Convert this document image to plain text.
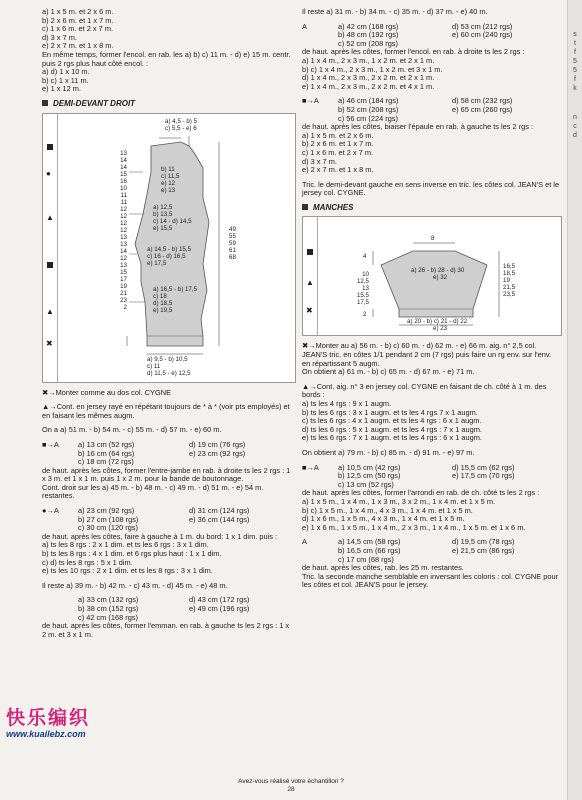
a) 1 x 5 m. et 2 x 6 m.
b) 2 x 6 m. et 1 x 7 m.
c) 1 x 6 m. et 2 x 7 m.
d) 3 x 7 m.
e) 2 x 7 m. et 1 x 8 m.
En même temps, former l'encol. en rab. les a) b) c) 11 m. - d) e) 15 m. centr. puis 2 rgs plus haut côté encol. :
a) d) 1 x 10 m.
b) c) 1 x 11 m.
e) 1 x 12 m.
DEMI-DEVANT DROIT
●
▲
▲
✖
a) 4,5 - b) 5
c) 5,5 - e) 6
13
14
14
15
16
10
11
11
12
12
12
12
13
13
14
12
13
15
17
19
21
23
2
b) 11
c) 11,5
e) 12
e) 13
a) 12,5
b) 13,5
c) 14 - d) 14,5
e) 15,5
a) 14,5 - b) 15,5
c) 16 - d) 16,5
e) 17,5
a) 16,5 - b) 17,5
c) 18
d) 18,5
e) 19,5
49
55
59
61
68
a) 9,5 - b) 10,5
c) 11
d) 11,5 - e) 12,5
✖→Monter comme au dos col. CYGNE
▲→Cont. en jersey rayé en répétant toujours de * à * (voir pts employés) et en faisant les mêmes augm.
On a a) 51 m. - b) 54 m. - c) 55 m. - d) 57 m. - e) 60 m.
■→A	a) 13 cm (52 rgs)	d) 19 cm (76 rgs)
b) 16 cm (64 rgs)	e) 23 cm (92 rgs)
c) 18 cm (72 rgs)
de haut. après les côtes, former l'entre-jambe en rab. à droite ts les 2 rgs : 1 x 3 m. et 1 x 1 m. puis 1 x 2 m. pour la bande de boutonnage.
Cont. droit sur les a) 45 m. - b) 48 m. - c) 49 m. - d) 51 m. - e) 54 m. restantes.
●→A	a) 23 cm (92 rgs)	d) 31 cm (124 rgs)
b) 27 cm (108 rgs)	e) 36 cm (144 rgs)
c) 30 cm (120 rgs)
de haut. après les côtes, faire à gauche à 1 m. du bord: 1 x 1 dim. puis :
a) ts les 8 rgs : 2 x 1 dim. et ts les 6 rgs : 3 x 1 dim.
b) ts les 8 rgs : 4 x 1 dim. et 6 rgs plus haut : 1 x 1 dim.
c) d) ts les 8 rgs : 5 x 1 dim.
e) ts les 10 rgs : 2 x 1 dim. et ts les 8 rgs : 3 x 1 dim.
Il reste a) 39 m. - b) 42 m. - c) 43 m. - d) 45 m. - e) 48 m.
a) 33 cm (132 rgs)	d) 43 cm (172 rgs)
b) 38 cm (152 rgs)	e) 49 cm (196 rgs)
c) 42 cm (168 rgs)
de haut. après les côtes, former l'emman. en rab. à gauche ts les 2 rgs : 1 x 2 m. et 3 x 1 m.
Il reste a) 31 m. - b) 34 m. - c) 35 m. - d) 37 m. - e) 40 m.
A	a) 42 cm (168 rgs)	d) 53 cm (212 rgs)
b) 48 cm (192 rgs)	e) 60 cm (240 rgs)
c) 52 cm (208 rgs)
de haut. après les côtes, former l'encol. en rab. à droite ts les 2 rgs :
a) 1 x 4 m., 2 x 3 m., 1 x 2 m. et 2 x 1 m.
b) c) 1 x 4 m., 2 x 3 m., 1 x 2 m. et 3 x 1 m.
d) 1 x 4 m., 2 x 3 m., 2 x 2 m. et 2 x 1 m.
e) 1 x 4 m., 2 x 3 m., 2 x 2 m. et 4 x 1 m.
■→A	a) 46 cm (184 rgs)	d) 58 cm (232 rgs)
b) 52 cm (208 rgs)	e) 65 cm (260 rgs)
c) 56 cm (224 rgs)
de haut. après les côtes, biaiser l'épaule en rab. à gauche ts les 2 rgs :
a) 1 x 5 m. et 2 x 6 m.
b) 2 x 6 m. et 1 x 7 m.
c) 1 x 6 m. et 2 x 7 m.
d) 3 x 7 m.
e) 2 x 7 m. et 1 x 8 m.
Tric. le demi-devant gauche en sens inverse en tric. les côtes col. JEAN'S et le jersey col. CYGNE.
MANCHES
▲
✖
8
4
10
12,5
13
15,5
17,5
2
a) 26 - b) 28 - d) 30
e) 32
16,5
18,5
19
21,5
23,5
a) 20 - b) c) 21 - d) 22
e) 23
✖→Monter au a) 56 m. - b) c) 60 m. - d) 62 m. - e) 66 m. aig. n° 2,5 col. JEAN'S tric. en côtes 1/1 pendant 2 cm (7 rgs) puis faire un rg env. sur l'env. en répartissant 5 augm.
On obtient a) 61 m. - b) c) 65 m. - d) 67 m. - e) 71 m.
▲→Cont. aig. n° 3 en jersey col. CYGNE en faisant de ch. côté à 1 m. des bords :
a) ts les 4 rgs : 9 x 1 augm.
b) ts les 6 rgs : 3 x 1 augm. et ts les 4 rgs 7 x 1 augm.
c) ts les 6 rgs : 4 x 1 augm. et ts les 4 rgs : 6 x 1 augm.
d) ts les 6 rgs : 5 x 1 augm. et ts les 4 rgs : 7 x 1 augm.
e) ts les 6 rgs : 7 x 1 augm. et ts les 4 rgs : 6 x 1 augm.
On obtient a) 79 m. - b) c) 85 m. - d) 91 m. - e) 97 m.
■→A	a) 10,5 cm (42 rgs)	d) 15,5 cm (62 rgs)
b) 12,5 cm (50 rgs)	e) 17,5 cm (70 rgs)
c) 13 cm (52 rgs)
de haut. après les côtes, former l'arrondi en rab. de ch. côté ts les 2 rgs :
a) 1 x 5 m., 1 x 4 m., 1 x 3 m., 3 x 2 m., 1 x 4 m. et 1 x 5 m.
b) c) 1 x 5 m., 1 x 4 m., 4 x 3 m., 1 x 4 m. et 1 x 5 m.
d) 1 x 6 m., 1 x 5 m., 4 x 3 m., 1 x 4 m. et 1 x 5 m.
e) 1 x 6 m., 1 x 5 m., 1 x 4 m., 2 x 3 m., 1 x 4 m., 1 x 5 m. et 1 x 6 m.
A	a) 14,5 cm (58 rgs)	d) 19,5 cm (78 rgs)
b) 16,5 cm (66 rgs)	e) 21,5 cm (86 rgs)
c) 17 cm (68 rgs)
de haut. après les côtes, rab. les 25 m. restantes.
Tric. la seconde manche semblable en inversant les coloris : col. CYGNE pour les côtes et col. JEAN'S pour le jersey.
s
t
f
5
5
f
k
n
c
d
快乐编织
www.kuailebz.com
Avez-vous réalisé votre échantillon ?
28
